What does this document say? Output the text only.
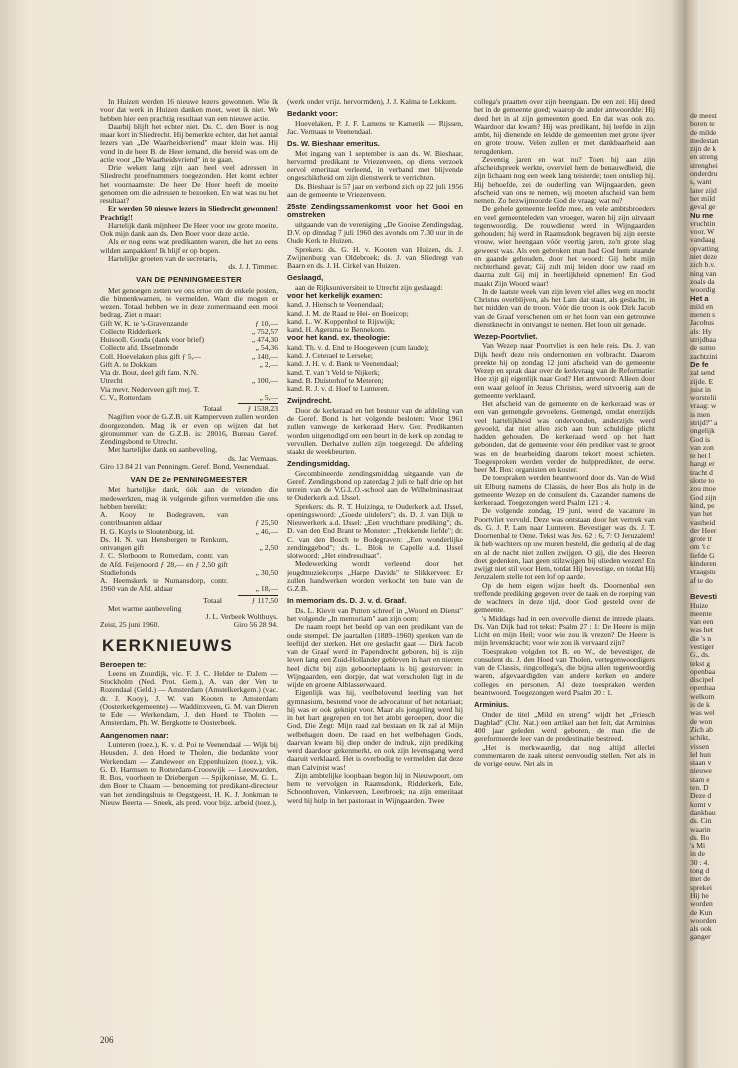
In Huizen werden 16 nieuwe lezers gewonnen. Wie ik voor dat werk in Huizen danken moet, weet ik niet. We hebben hier een prachtig resultaat van een nieuwe actie.

Daarbij blijft het echter niet. Ds. C. den Boer is nog maar kort in Sliedrecht. Hij bemerkte echter, dat het aantal lezers van „De Waarheidsvriend" maar klein was. Hij vond in de heer B. de Heer iemand, die bereid was om de actie voor „De Waarheidsvriend" in te gaan.

Drie weken lang zijn aan heel veel adressen in Sliedrecht proefnummers toegezonden. Het komt echter het voornaamste: De heer De Heer heeft de moeite genomen om die adressen te bezoeken. En wat was nu het resultaat?

Er werden 50 nieuwe lezers in Sliedrecht gewonnen! Prachtig!!

Hartelijk dank mijnheer De Heer voor uw grote moeite. Ook mijn dank aan ds. Den Boer voor deze actie.

Als er nog eens wat predikanten waren, die het zo eens wilden aanpakken! Ik blijf er op hopen.

Hartelijke groeten van de secretaris,

ds. J. J. Timmer.

VAN DE PENNINGMEESTER

Met genoegen zetten we ons ertoe om de enkele posten, die binnenkwamen, te vermelden. Want die mogen er wezen. Totaal hebben we in deze zomermaand een mooi bedrag. Ziet u maar:

Gift W. K. te 's-Gravenzande	ƒ 10,—
Collecte Ridderkerk	„ 752,57
Huisooll. Gouda (dank voor brief)	„ 474,30
Collecte afd. IJsselmonde	„ 54,36
Coll. Hoevelaken plus gift ƒ 5,—	„ 140,—
Gift A. te Dokkum	„ 2,—
Via dr. Bout, deel gift fam. N.N.
Utrecht	„ 100,—
Via mevr. Nederveen gift mej. T.
C. V., Rotterdam	„ 5,—
Totaal	ƒ 1538,23

Nagiften voor de G.Z.B. uit Kamperveen zullen worden doorgezonden. Mag ik er even op wijzen dat het gironummer van de G.Z.B. is: 28016, Bureau Geref. Zendingsbond te Utrecht.

Met hartelijke dank en aanbeveling,

ds. Jac Vermaas.

Giro 13 84 21 van Penningm. Geref. Bond, Veenendaal.

VAN DE 2e PENNINGMEESTER

Met hartelijke dank, óók aan de vrienden die medewerkten, mag ik volgende giften vermelden die ons hebben bereikt:

A. Kooy te Bodegraven, van contribuanten aldaar	ƒ 25,50
H. G. Kuyls te Sloutenburg, id.	„ 46,—
Ds. H. N. van Hensbergen te Renkum, ontvangen gift	„ 2,50
J. C. Slotboom te Rotterdam, contr. van de Afd. Feijenoord ƒ 28,— en ƒ 2,50 gift Studiefonds	„ 30,50
A. Heemskerk te Numansdorp, contr. 1960 van de Afd. aldaar	„ 18,—
Totaal	ƒ 117,50

Met warme aanbeveling

J. L. Verbeek Wolthuys.

Zeist, 25 juni 1960.	Giro 56 28 94.
KERKNIEUWS
Beroepen te:

Leens en Zuurdijk, vic. F. J. C. Helder te Dalem — Stockholm (Ned. Prot. Gem.), A. van der Ven te Rozendaal (Geld.) — Amsterdam (Amstelkerkgem.) (vac. dr. J. Kooy), J. W. van Kooten te Amsterdam (Oosterkerkgemeente) — Waddinxveen, G. M. van Dieren te Ede — Werkendam, J. den Hoed te Tholen — Amsterdam, Ph. W. Bergkotte te Oosterbeek.

Aangenomen naar:

Lunteren (toez.), K. v. d. Poi te Veenendaal — Wijk bij Heusden, J. den Hoed te Tholen, die bedankte voor Werkendam — Zandeweer en Eppenhuizen (toez.), vik. G. D. Harmsen te Rotterdam-Crooswijk — Leeuwarden, R. Bos, voorheen te Driebergen — Spijkenisse, M. G. L. den Boer te Chaam — benoeming tot predikant-directeur van het zendingshuis te Oegstgeest, H. K. J. Jonkman te Nieuw Beerta — Sneek, als pred. voor bijz. arbeid (toez.),

(werk onder vrijz. hervormden), J. J. Kalma te Lekkum.

Bedankt voor:

Hoevelaken, P. J. F. Lamens te Kamerik — Rijssen, Jac. Vermaas te Veenendaal.

Ds. W. Bieshaar emeritus.

Met ingang van 1 september is aan ds. W. Bieshaar, hervormd predikant te Vriezenveen, op diens verzoek eervol emeritaat verleend, in verband met blijvende ongeschiktheid om zijn dienstwerk te verrichten.

Ds. Bieshaar is 57 jaar en verbond zich op 22 juli 1956 aan de gemeente te Vriezenveen.

25ste Zendingssamenkomst voor het Gooi en omstreken

uitgaande van de vereniging „De Gooise Zendingsdag, D.V. op dinsdag 7 juli 1960 des avonds om 7.30 uur in de Oude Kerk te Huizen.

Sprekers: ds. G. H. v. Kooten van Huizen, ds. J. Zwijnenburg van Oldebroek; ds. J. van Sliedregt van Baarn en ds. J. H. Cirkel van Huizen.

Geslaagd,

aan de Rijksuniversiteit te Utrecht zijn geslaagd:

voor het kerkelijk examen:

kand. J. Hiensch te Veenendaal;

kand. J. M. de Raad te Hei- en Boeicop;

kand. L. W. Koppenhol te Rijswijk;

kand. H. Agersma te Bennekom.

voor het kand. ex. theologie:

kand. Th. v. d. End te Hoogeveen (cum laude);

kand. J. Ceterael te Lerseke;

kand. J. H. v. d. Bank te Veenendaal;

kand. T. van 't Veld te Nijkerk;

kand. B. Duisterhof te Meteren;

kand. R. J. v. d. Hoef te Lunteren.

Zwijndrecht.

Door de kerkeraad en het bestuur van de afdeling van de Geref. Bond is het volgende besloten: Voor 1961 zullen vanwege de kerkeraad Herv. Ger. Predikanten worden uitgenodigd om een beurt in de kerk op zondag te vervullen. Derhalve zullen zijn toegezegd. De afdeling staakt de weekbeurten.

Zendingsmiddag.

Gecombineerde zendingsmiddag uitgaande van de Geref. Zendingsbond op zaterdag 2 juli te half drie op het terrein van de V.G.L.O.-school aan de Wilhelminastraat te Ouderkerk a.d. IJssel.

Sprekers: ds. R. T. Huizinga, te Ouderkerk a.d. IJssel, openingswoord: „Goede uitdelers"; ds. D. J. van Dijk te Nieuwerkerk a.d. IJssel: „Een vruchtbare prediking"; ds. D. van den End Brant te Monster: „Trekkende liefde"; dr. C. van den Bosch te Bodegraven: „Een wonderlijke zendinggebod"; ds. L. Blok te Capelle a.d. IJssel slotwoord: „Het eindresultaat".

Medewerking wordt verleend door het jeugdmuziekcorps „Harpe Davids" te Slikkerveer. Er zullen handwerken worden verkocht ten bate van de G.Z.B.

In memoriam ds. D. J. v. d. Graaf.

Ds. L. Kievit van Putten schreef in „Woord en Dienst" het volgende „In memoriam" aan zijn oom:

De naam roept het beeld op van een predikant van de oude stempel. De jaartallen (1889–1960) spreken van de leeftijd der sterken. Het ere geslacht gaat — Dirk Jacob van de Graaf werd in Papendrecht geboren, hij is zijn leven lang een Zuid-Hollander gebleven in hart en nieren: heel dicht bij zijn geboorteplaats is hij gestorven: in Wijngaarden, een dorpje, dat wat verscholen ligt in de wijde en groene Alblasserwaard.

Eigenlijk was hij, veelbelovend leerling van het gymnasium, bestemd voor de advocatuur of het notariaat; hij was er ook geknipt voor. Maar als jongeling werd hij in het hart gegrepen en tot het ambt geroepen, door die God, Die Zegt: Mijn raad zal bestaan en Ik zal al Mijn welbehagen doen. De raad en het welbehagen Gods, daarvan kwam hij diep onder de indruk, zijn prediking werd daardoor gekenmerkt, en ook zijn levensgang werd daaruit verklaard. Het is overbodig te vermelden dat deze man Calvinist was!

Zijn ambtelijke loopbaan begon hij in Nieuwpoort, om hem te vervolgen in Raamsdonk, Ridderkerk, Ede, Schoonhoven, Vinkeveen, Leerbroek; na zijn emeritaat werd hij hulp in het pastoraat in Wijngaarden. Twee

collega's praatten over zijn heengaan. De een zei: Hij deed het in de gemeente goed; waarop de ander antwoordde: Hij deed het in al zijn gemeenten goed. En dat was ook zo. Waardoor dat kwam? Hij was predikant, hij leefde in zijn ambt, hij dienende en leidde de gemeenten met grote ijver en grote trouw. Velen zullen er met dankbaarheid aan terugdenken.

Zeventig jaren en wat nu? Toen hij aan zijn afscheidspreek werkte, overviel hem de benauwdheid, die zijn lichaam nog een week lang teisterde; toen ontsliep hij. Hij behoefde, zei de ouderling van Wijngaarden, geen afscheid van ons te nemen, wij moeten afscheid van hem nemen. Zo bezwijmoorde God de vraag: wat nu?

De gehele gemeente leefde mee, en vele ambtsbroeders en veel gemeenteleden van vroeger, waren bij zijn uitvaart tegenwoordig. De rouwdienst werd in Wijngaarden gehouden; hij werd in Raamsdonk begraven bij zijn eerste vrouw, wier heengaan vóór veertig jaren, zo'n grote slag geweest was. Als een gebroken man had God hem staande en gaande gehouden, door het woord: Gij hebt mijn rechterhand gevat; Gij zult mij leiden door uw raad en daarna zult Gij mij in heerlijkheid opnemen! En God maakt Zijn Woord waar!

In de laatste week van zijn leven viel alles weg en mocht Christus overblijven, als het Lam dat staat, als geslacht, in het midden van de troon. Vóór die troon is ook Dirk Jacob van de Graaf verschenen om er het loon van een getrouwe dienstknecht in ontvangst te nemen. Het loon uit genade.

Wezep-Poortvliet.

Van Wezep naar Poortvliet is een hele reis. Ds. J. van Dijk heeft deze reis ondernomen en volbracht. Daarom preekte hij op zondag 12 juni afscheid van de gemeente Wezep en sprak daar over de kerkvraag van de Reformatie: Hoe zijt gij eigenlijk naar God? Het antwoord: Alleen door een waar geloof in Jezus Christus, werd uitvoerig aan de gemeente verklaard.

Het afscheid van de gemeente en de kerkeraad was er een van gemengde gevoelens. Gemengd, omdat enerzijds veel hartelijkheid was ondervonden, anderzijds werd gevoeld, dat niet allen zich aan hun schuldige plicht hadden gehouden. De kerkeraad werd op het hart gebonden, dat de gemeente voor één prediker vast te groot was en de bearbeiding daarom tekort moest schieten. Toegesproken werden verder de hulppredikter, de eerw. heer M. Bos: organisten en koster.

De toespraken werden beantwoord door ds. Van de Wiel uit Elburg namens de Classis, de heer Bos als hulp in de gemeente Wezep en de consulent ds. Cazander namens de kerkeraad. Toegezongen werd Psalm 121 : 4.

De volgende zondag, 19 juni, werd de vacature in Poortvliet vervuld. Deze was ontstaan door het vertrek van ds. G. J. P. Lam naar Lunteren. Bevestiger was ds. J. T. Doornenbal te Oene. Tekst was Jes. 62 : 6, 7: O Jeruzalem! ik heb wachters op uw muren besteld, die geduriq al de dag en al de nacht niet zullen zwijgen. O gij, die des Heeren doet gedenken, laat geen stilzwijgen bij ulieden wezen! En zwijgt niet stil voor Hem, totdat Hij bevestige, en totdat Hij Jeruzalem stelle tot een lof op aarde.

Op de hem eigen wijze heeft ds. Doornenbal een treffende prediking gegeven over de taak en de roeping van de wachters in deze tijd, door God gesteld over de gemeente.

's Middags had in een overvolle dienst de intrede plaats. Ds. Van Dijk had tot tekst: Psalm 27 : 1: De Heere is mijn Licht en mijn Heil; voor wie zou ik vrezen? De Heere is mijn levenskracht; voor wie zou ik vervaard zijn?

Toespraken volgden tot B. en W., de bevestiger, de consulent ds. J. den Hoed van Tholen, vertegenwoordigers van de Classis, ringcollega's, die bijna allen tegenwoordig waren, afgevaardigden van andere kerken en andere colleges en personen. Al deze toespraken werden beantwoord. Toegezongen werd Psalm 20 : 1.

Arminius.

Onder de titel „Mild en streng" wijdt het „Friesch Dagblad" (Chr. Nat.) een artikel aan het feit, dat Arminius 400 jaar geleden werd geboren, de man die de gereformeerde leer van de predestinatie bestreed.

„Het is merkwaardig, dat nog altijd allerlei commentaren de zaak uiterst eenvoudig stellen. Net als in de vorige eeuw. Net als in

206
de meest
boren te
de milde
medestan
zijn de k
en streng
strenghei
onderdru
s, want
later zijd
het mild
geval ge
Nu me
vruchtin
voor. W
vandaag
opvatting
niet deze
zich b.v.
ning van
zoals da
woordig
Het a
mild en
menen s
Jacobus
als: Hy
strijdbaa
de sumo
zachtzini
De fe
zal send
zijde. E
juist in
worstelii
vraag: w
is men
strijd?" a
ongelijk
God is
van zon
te het l
hangt er
tracht d
slotte to
zou moe
God zijn
kind, pe
van het
vastheid
der Heer
grote tr
om 't c
liefde G
kinderen
vraagstu
af te do
Bevesti
Huize
meente
van een
was het
die 's n
vestiger
G., ds.
tekst g
openbaa
discipel
openbaa
welkom
is de k
was wel
de won
Zich ab
schikt,
vissen
lel hun
staan v
nieuwe
stam e
ten. D
Deze d
komt v
dankbau
ds. Cin
waarin
ds. Bo
's Mi
in de
30 : 4.
tong d
met de
sprekei
Hij he
worden
de Kun
woorden
als ook
ganger
